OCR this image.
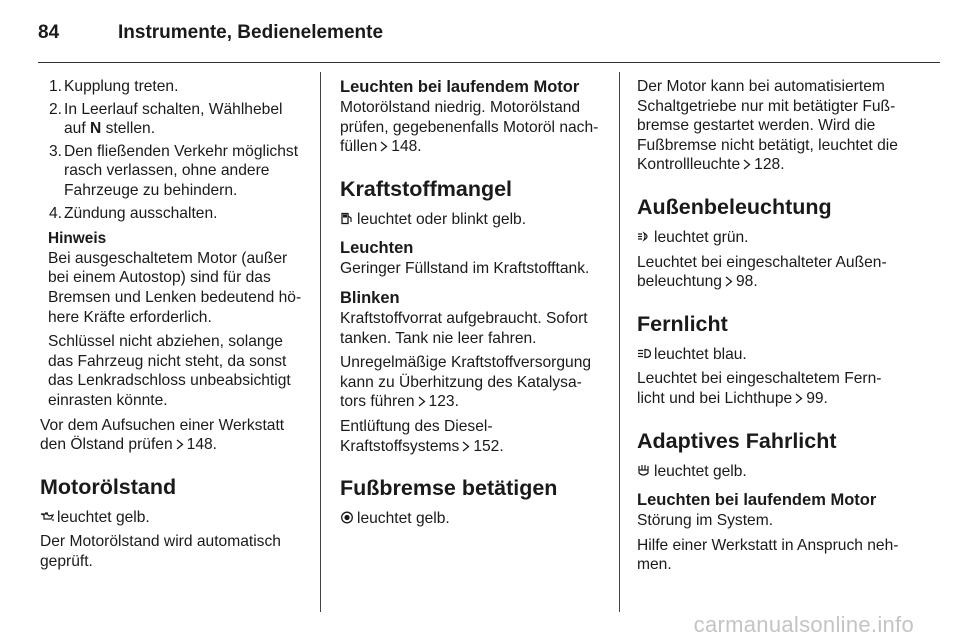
84	Instrumente, Bedienelemente
1. Kupplung treten.
2. In Leerlauf schalten, Wählhebel auf N stellen.
3. Den fließenden Verkehr möglichst rasch verlassen, ohne andere Fahrzeuge zu behindern.
4. Zündung ausschalten.
Hinweis

Bei ausgeschaltetem Motor (außer bei einem Autostop) sind für das Bremsen und Lenken bedeutend hö‑ here Kräfte erforderlich.

Schlüssel nicht abziehen, solange das Fahrzeug nicht steht, da sonst das Lenkradschloss unbeabsichtigt einrasten könnte.

Vor dem Aufsuchen einer Werkstatt den Ölstand prüfen 148.

Motorölstand

leuchtet gelb.

Der Motorölstand wird automatisch geprüft.

Leuchten bei laufendem Motor

Motorölstand niedrig. Motorölstand prüfen, gegebenenfalls Motoröl nach‑ füllen 148.

Kraftstoffmangel

leuchtet oder blinkt gelb.

Leuchten

Geringer Füllstand im Kraftstofftank.

Blinken

Kraftstoffvorrat aufgebraucht. Sofort tanken. Tank nie leer fahren.

Unregelmäßige Kraftstoffversorgung kann zu Überhitzung des Katalysa‑ tors führen 123.

Entlüftung des Diesel‑ Kraftstoffsystems 152.

Fußbremse betätigen

leuchtet gelb.

Der Motor kann bei automatisiertem Schaltgetriebe nur mit betätigter Fuß‑ bremse gestartet werden. Wird die Fußbremse nicht betätigt, leuchtet die Kontrollleuchte 128.

Außenbeleuchtung

leuchtet grün.

Leuchtet bei eingeschalteter Außen‑ beleuchtung 98.

Fernlicht

leuchtet blau.

Leuchtet bei eingeschaltetem Fern‑ licht und bei Lichthupe 99.

Adaptives Fahrlicht

leuchtet gelb.

Leuchten bei laufendem Motor

Störung im System.

Hilfe einer Werkstatt in Anspruch neh‑ men.

carmanualsonline.info
